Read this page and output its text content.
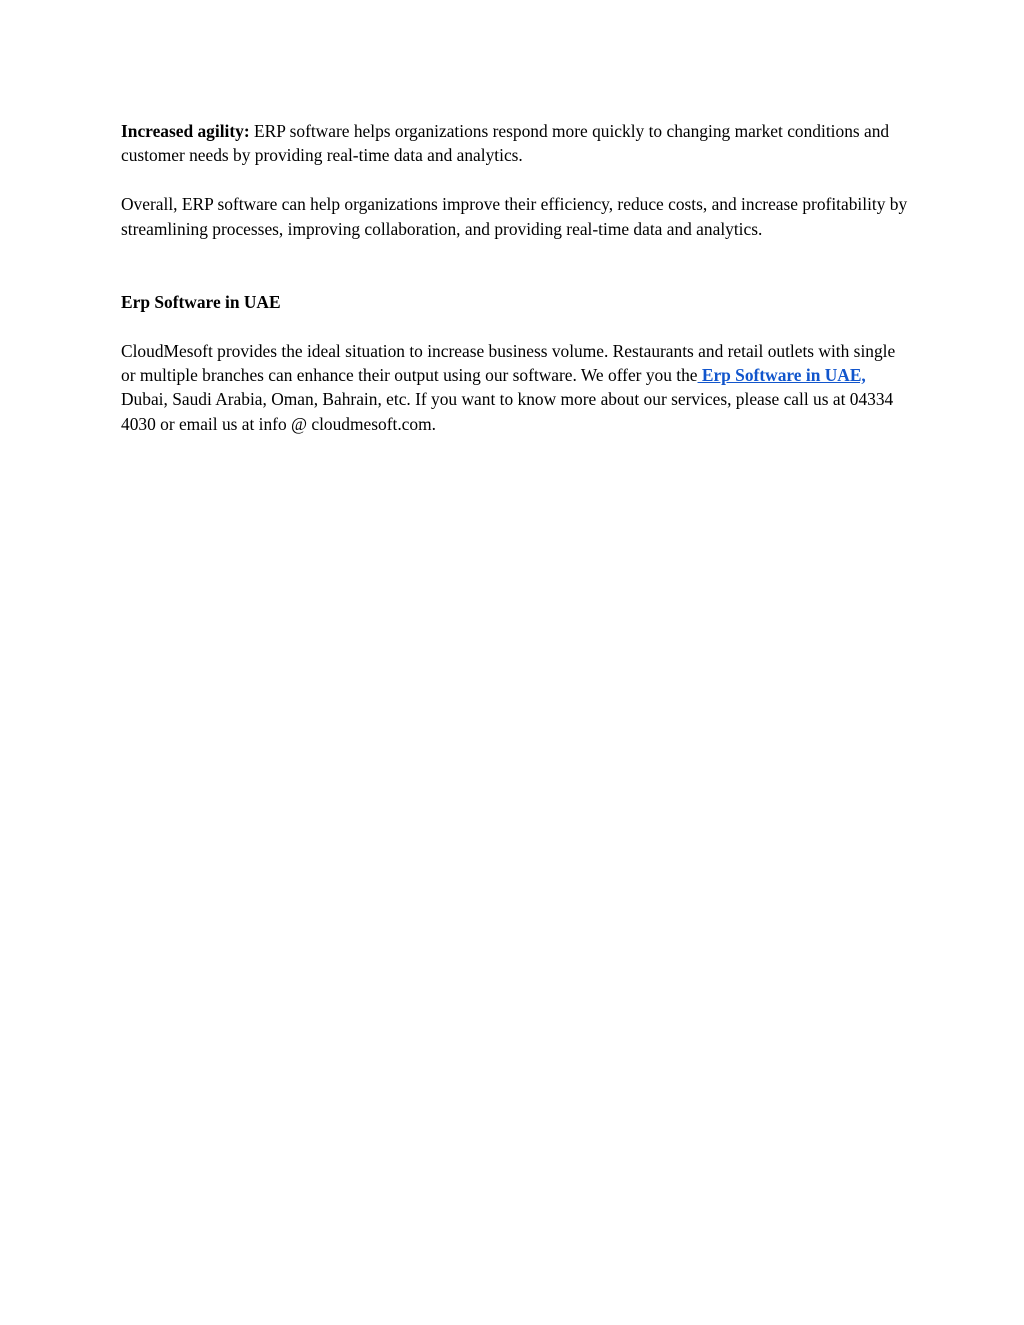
Increased agility: ERP software helps organizations respond more quickly to changing market conditions and customer needs by providing real-time data and analytics.

Overall, ERP software can help organizations improve their efficiency, reduce costs, and increase profitability by streamlining processes, improving collaboration, and providing real-time data and analytics.

Erp Software in UAE

CloudMesoft provides the ideal situation to increase business volume. Restaurants and retail outlets with single or multiple branches can enhance their output using our software. We offer you the Erp Software in UAE, Dubai, Saudi Arabia, Oman, Bahrain, etc. If you want to know more about our services, please call us at 04334 4030 or email us at info @ cloudmesoft.com.
